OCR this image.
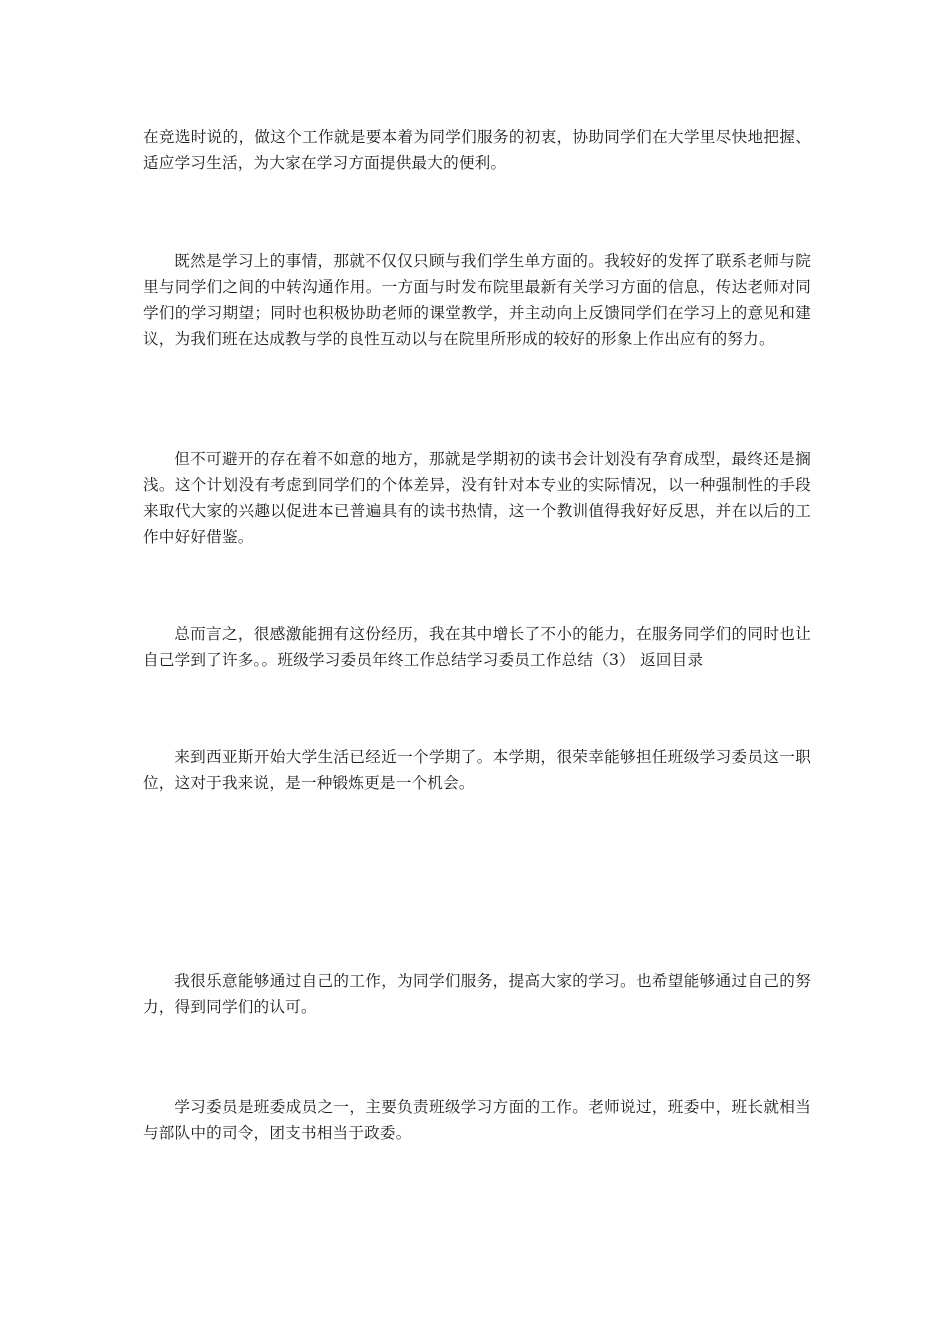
在竞选时说的，做这个工作就是要本着为同学们服务的初衷，协助同学们在大学里尽快地把握、适应学习生活，为大家在学习方面提供最大的便利。

既然是学习上的事情，那就不仅仅只顾与我们学生单方面的。我较好的发挥了联系老师与院里与同学们之间的中转沟通作用。一方面与时发布院里最新有关学习方面的信息，传达老师对同学们的学习期望；同时也积极协助老师的课堂教学，并主动向上反馈同学们在学习上的意见和建议，为我们班在达成教与学的良性互动以与在院里所形成的较好的形象上作出应有的努力。

但不可避开的存在着不如意的地方，那就是学期初的读书会计划没有孕育成型，最终还是搁浅。这个计划没有考虑到同学们的个体差异，没有针对本专业的实际情况，以一种强制性的手段来取代大家的兴趣以促进本已普遍具有的读书热情，这一个教训值得我好好反思，并在以后的工作中好好借鉴。

总而言之，很感激能拥有这份经历，我在其中增长了不小的能力，在服务同学们的同时也让自己学到了许多。。班级学习委员年终工作总结学习委员工作总结（3） 返回目录

来到西亚斯开始大学生活已经近一个学期了。本学期，很荣幸能够担任班级学习委员这一职位，这对于我来说，是一种锻炼更是一个机会。

我很乐意能够通过自己的工作，为同学们服务，提高大家的学习。也希望能够通过自己的努力，得到同学们的认可。

学习委员是班委成员之一，主要负责班级学习方面的工作。老师说过，班委中，班长就相当与部队中的司令，团支书相当于政委。
